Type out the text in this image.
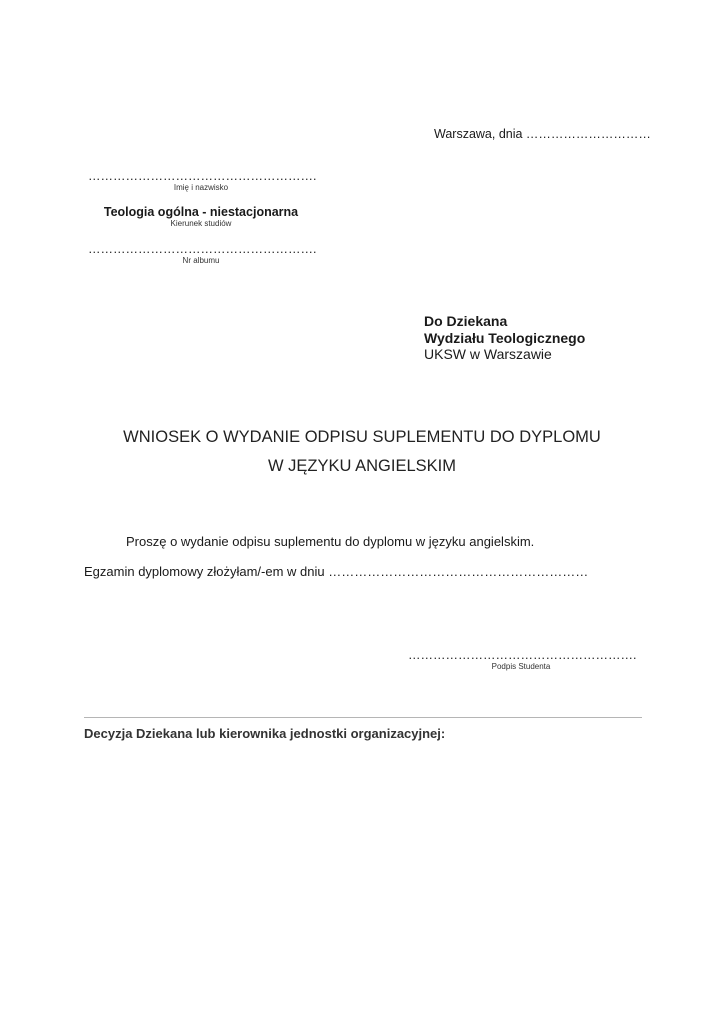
Warszawa, dnia …………………………
……………………………………………….
Imię i nazwisko
Teologia ogólna - niestacjonarna
Kierunek studiów
……………………………………………….
Nr albumu
Do Dziekana
Wydziału Teologicznego
UKSW w Warszawie
WNIOSEK O WYDANIE ODPISU SUPLEMENTU DO DYPLOMU
W JĘZYKU ANGIELSKIM
Proszę o wydanie odpisu suplementu do dyplomu w języku angielskim.
Egzamin dyplomowy złożyłam/-em w dniu ……………………………………………………
……………………………………………….
Podpis Studenta
Decyzja Dziekana lub kierownika jednostki organizacyjnej:
